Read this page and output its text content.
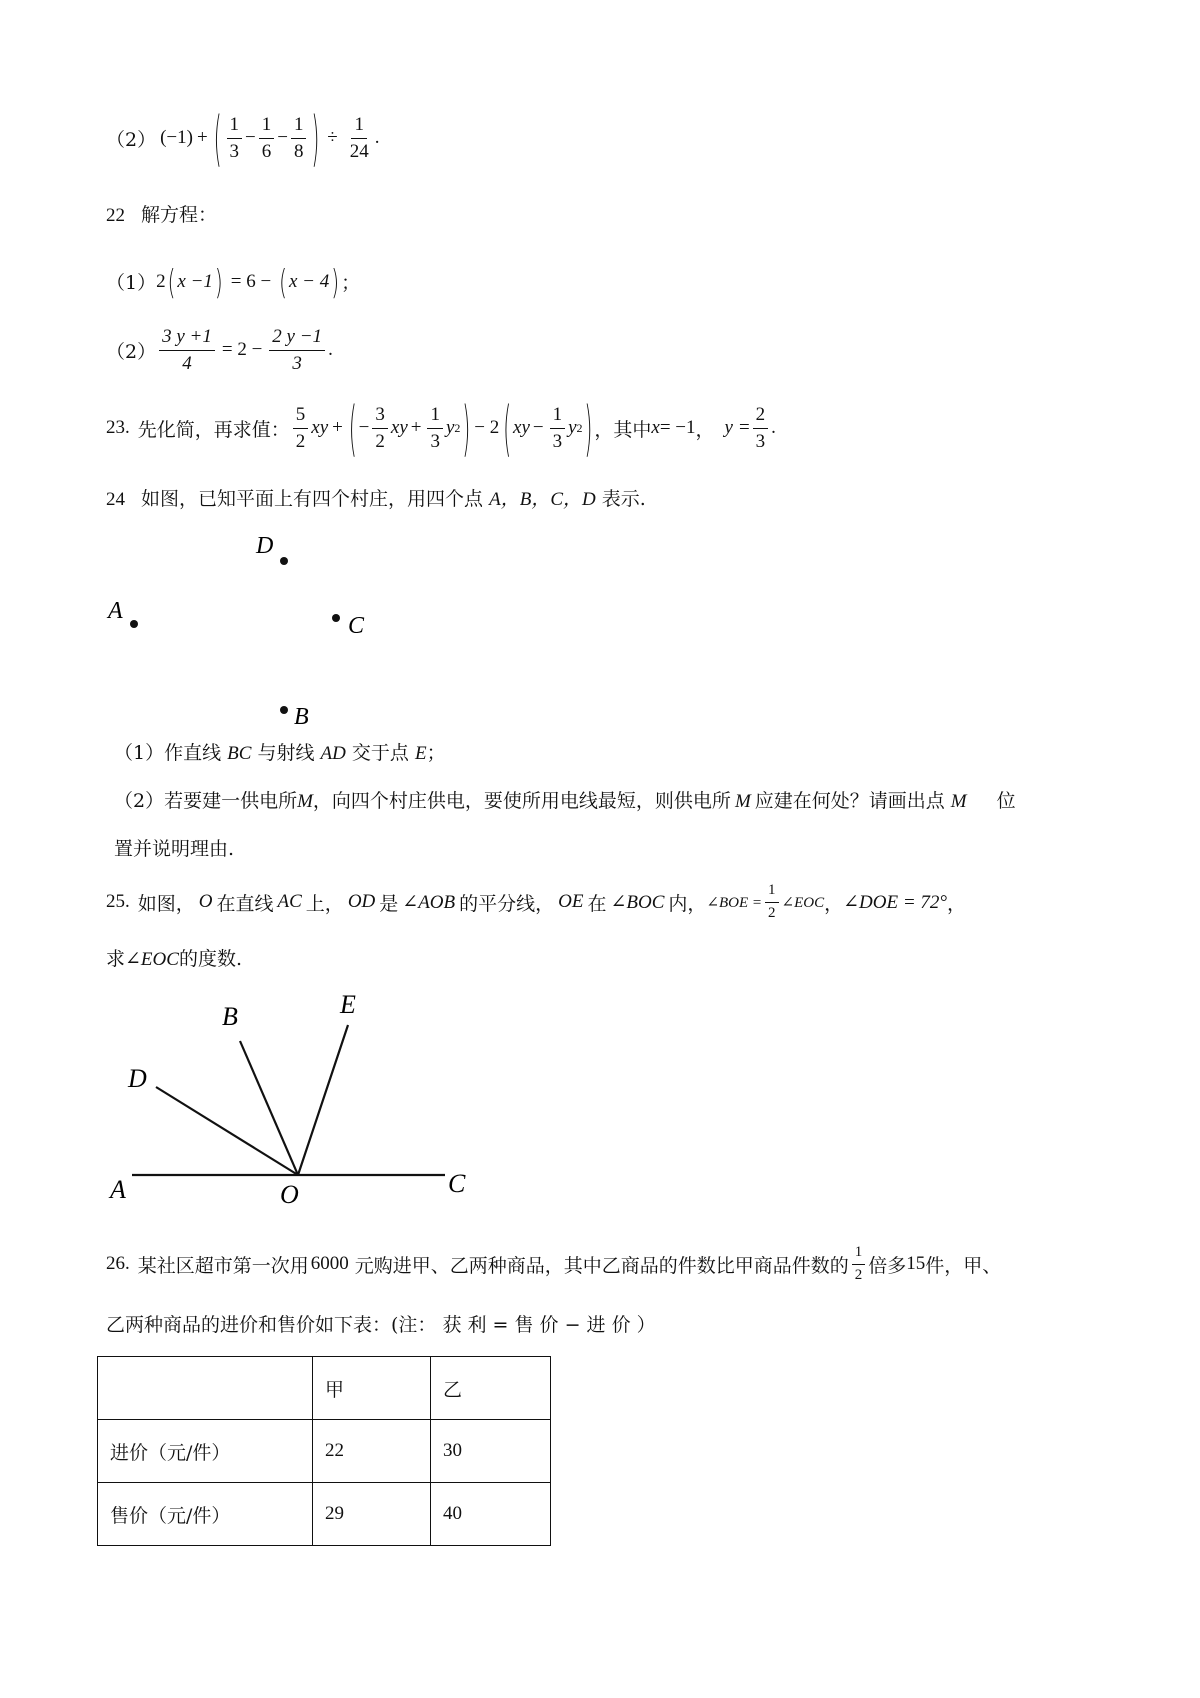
（2） (−1) + ( $\frac{1}{3} - \frac{1}{6} - \frac{1}{8}$ ) ÷ $\frac{1}{24}$ .
22 解方程：
（1） 2 ( x −1 ) = 6 − ( x − 4 ) ；
$(2) \frac{3 y +1}{4} = 2 - \frac{2 y -1}{3}$ .
23. 先化简，再求值： $\frac{5}{2}$ xy + ( − $\frac{3}{2}$ xy + $\frac{1}{3}$ y 2 ) − 2 ( xy − $\frac{1}{3}$ y 2 ) ，其中 x = −1 ， $y = \frac{2}{3}$ .
24 如图，已知平面上有四个村庄，用四个点 A，B，C，D 表示.
D
A
C
B
（1）作直线 BC 与射线 AD 交于点 E；
（2）若要建一供电所M，向四个村庄供电，要使所用电线最短，则供电所 M 应建在何处？请画出点 M 位
置并说明理由.
25. 如图， O 在直线 AC 上， OD 是 ∠AOB 的平分线， OE 在 ∠BOC 内， ∠BOE = $\frac{1}{2}$ ∠EOC ， ∠DOE = 72° ，
求∠EOC的度数.
A
B
C
D
E
O
26. 某社区超市第一次用 6000 元购进甲、乙两种商品，其中乙商品的件数比甲商品件数的 $\frac{1}{2}$ 倍多 15 件，甲、
乙两种商品的进价和售价如下表：(注： 获 利 = 售 价 − 进 价 ）
	甲	乙
进价（元/件）	22	30
售价（元/件）	29	40
